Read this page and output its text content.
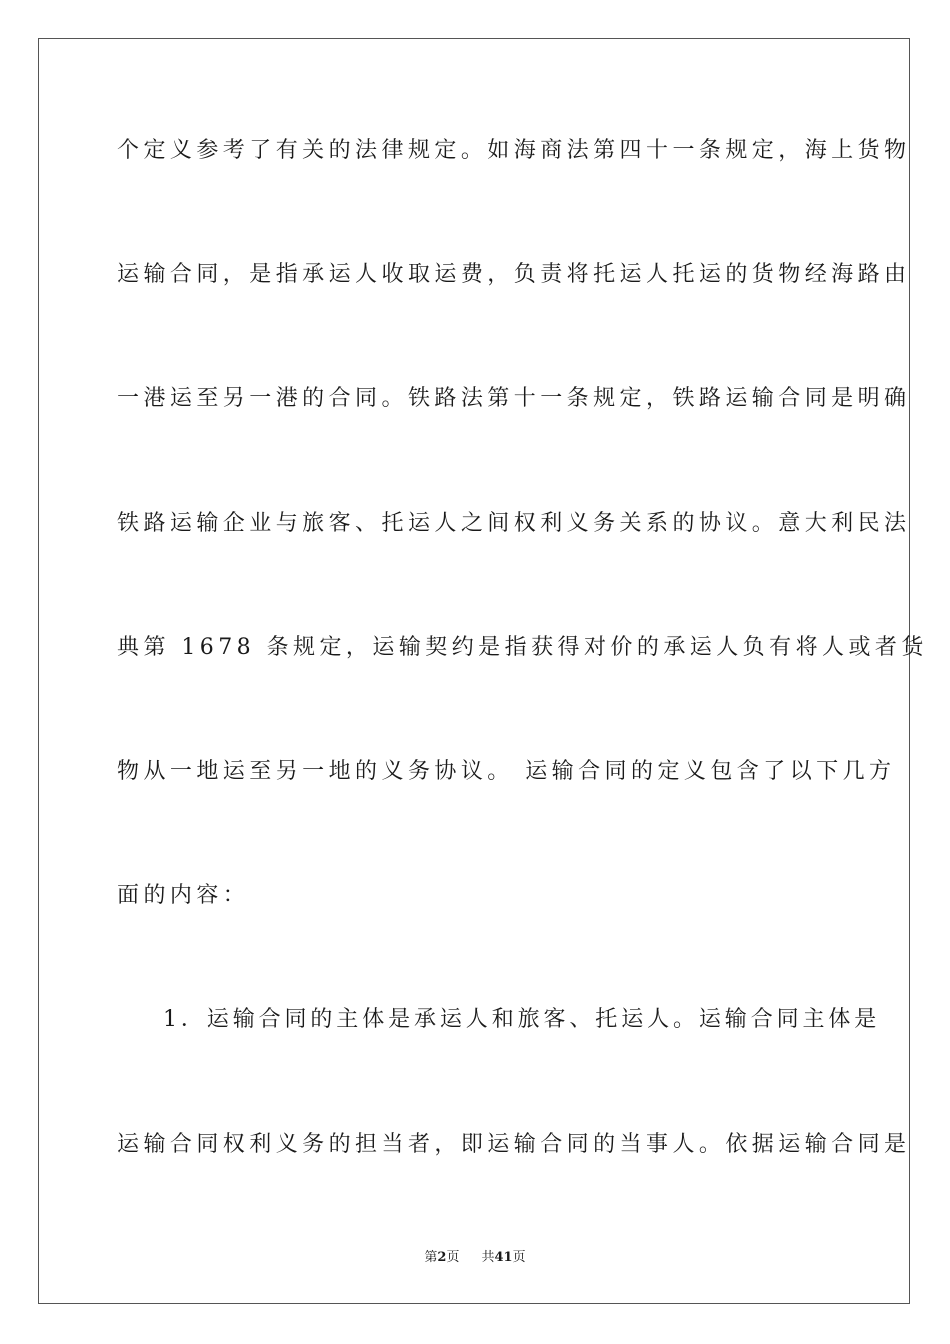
个定义参考了有关的法律规定。如海商法第四十一条规定，海上货物
运输合同，是指承运人收取运费，负责将托运人托运的货物经海路由
一港运至另一港的合同。铁路法第十一条规定，铁路运输合同是明确
铁路运输企业与旅客、托运人之间权利义务关系的协议。意大利民法
典第 1678 条规定，运输契约是指获得对价的承运人负有将人或者货
物从一地运至另一地的义务协议。 运输合同的定义包含了以下几方
面的内容：
1．运输合同的主体是承运人和旅客、托运人。运输合同主体是
运输合同权利义务的担当者，即运输合同的当事人。依据运输合同是
第2页 共41页
